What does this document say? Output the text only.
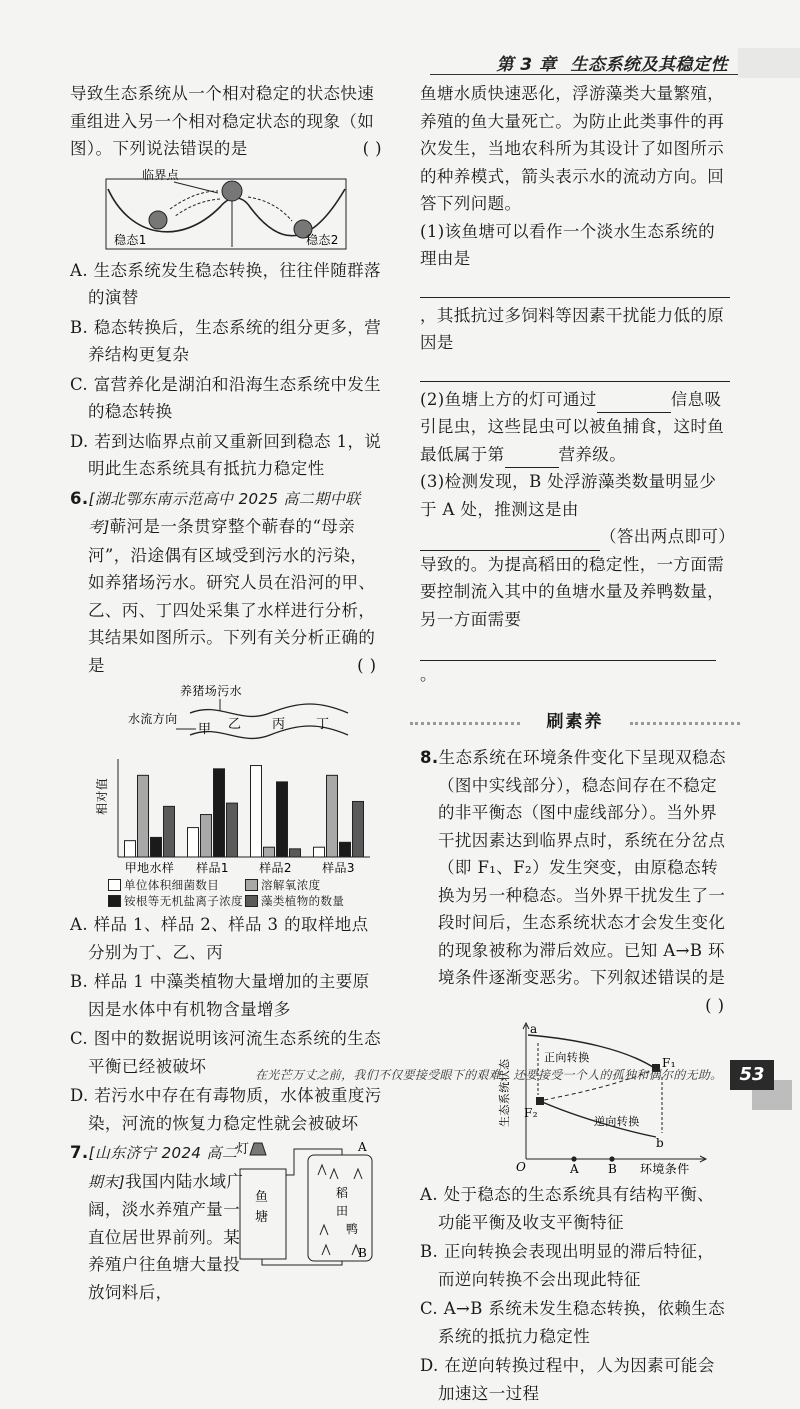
第 3 章 生态系统及其稳定性

导致生态系统从一个相对稳定的状态快速重组进入另一个相对稳定状态的现象（如图）。下列说法错误的是	( )

临界点
稳态1	稳态2

A. 生态系统发生稳态转换，往往伴随群落的演替

B. 稳态转换后，生态系统的组分更多，营养结构更复杂

C. 富营养化是湖泊和沿海生态系统中发生的稳态转换

D. 若到达临界点前又重新回到稳态 1，说明此生态系统具有抵抗力稳定性

6.[湖北鄂东南示范高中 2025 高二期中联考]蕲河是一条贯穿整个蕲春的“母亲河”，沿途偶有区域受到污水的污染，如养猪场污水。研究人员在沿河的甲、乙、丙、丁四处采集了水样进行分析，其结果如图所示。下列有关分析正确的是	( )

养猪场污水
水流方向
甲 乙 丙 丁
相对值
甲地水样 样品1	样品2	样品3
单位体积细菌数目	溶解氧浓度
铵根等无机盐离子浓度 藻类植物的数量

A. 样品 1、样品 2、样品 3 的取样地点分别为丁、乙、丙

B. 样品 1 中藻类植物大量增加的主要原因是水体中有机物含量增多

C. 图中的数据说明该河流生态系统的生态平衡已经被破坏

D. 若污水中存在有毒物质，水体被重度污染，河流的恢复力稳定性就会被破坏

7.[山东济宁 2024 高二期末]我国内陆水域广阔，淡水养殖产量一直位居世界前列。某养殖户往鱼塘大量投放饲料后，

灯
鱼
塘
稻
田
鸭
A
B

鱼塘水质快速恶化，浮游藻类大量繁殖，养殖的鱼大量死亡。为防止此类事件的再次发生，当地农科所为其设计了如图所示的种养模式，箭头表示水的流动方向。回答下列问题。

(1)该鱼塘可以看作一个淡水生态系统的理由是

，其抵抗过多饲料等因素干扰能力低的原因是

(2)鱼塘上方的灯可通过	信息吸引昆虫，这些昆虫可以被鱼捕食，这时鱼最低属于第	营养级。

(3)检测发现，B 处浮游藻类数量明显少于 A 处，推测这是由（答出两点即可）导致的。为提高稻田的稳定性，一方面需要控制流入其中的鱼塘水量及养鸭数量，另一方面需要

。

刷素养

8.生态系统在环境条件变化下呈现双稳态（图中实线部分），稳态间存在不稳定的非平衡态（图中虚线部分）。当外界干扰因素达到临界点时，系统在分岔点（即 F₁、F₂）发生突变，由原稳态转换为另一种稳态。当外界干扰发生了一段时间后，生态系统状态才会发生变化的现象被称为滞后效应。已知 A→B 环境条件逐渐变恶劣。下列叙述错误的是
( )

生态系统状态
O	A B 环境条件
a
b
F₁
F₂
正向转换
逆向转换

A. 处于稳态的生态系统具有结构平衡、功能平衡及收支平衡特征

B. 正向转换会表现出明显的滞后特征，而逆向转换不会出现此特征

C. A→B 系统未发生稳态转换，依赖生态系统的抵抗力稳定性

D. 在逆向转换过程中，人为因素可能会加速这一过程

在光芒万丈之前，我们不仅要接受眼下的艰难，还要接受一个人的孤独和偶尔的无助。 53
